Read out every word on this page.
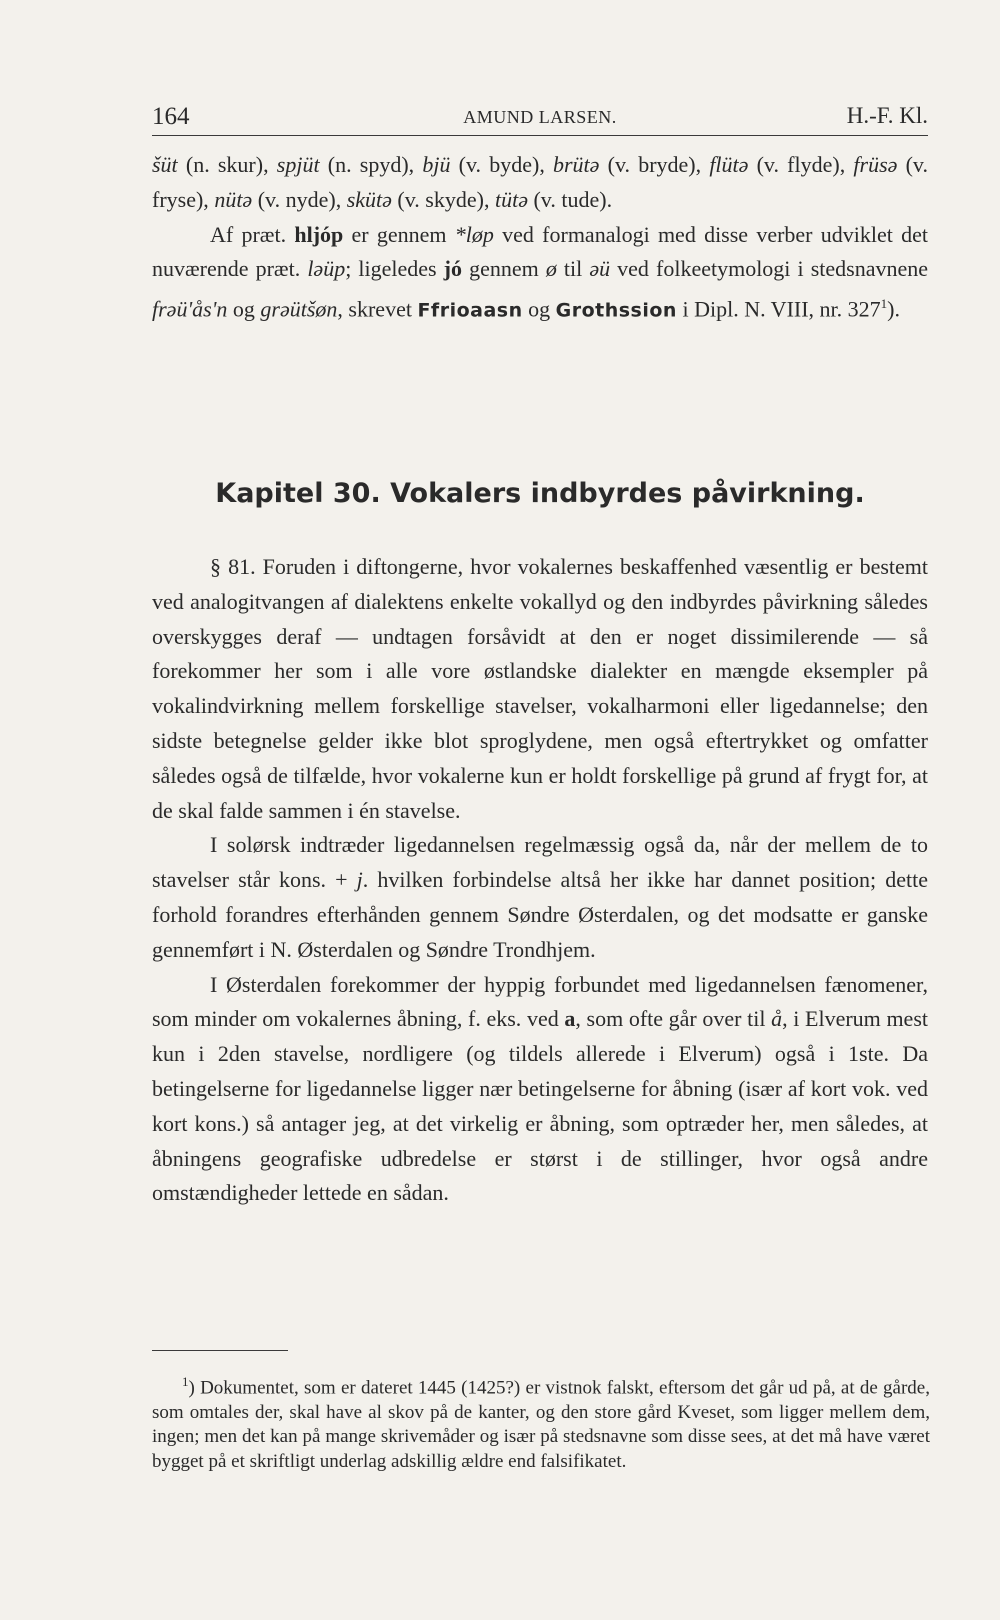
164	AMUND LARSEN.	H.-F. Kl.

šüt (n. skur), spjüt (n. spyd), bjü (v. byde), brütə (v. bryde), flütə (v. flyde), früsə (v. fryse), nütə (v. nyde), skütə (v. skyde), tütə (v. tude).

Af præt. hljóp er gennem *løp ved formanalogi med disse verber udviklet det nuværende præt. ləüp; ligeledes jó gennem ø til əü ved folkeetymologi i stedsnavnene frəü'ås'n og grəütšøn, skrevet Ffrioaasn og Grothssion i Dipl. N. VIII, nr. 327$^1$).

Kapitel 30. Vokalers indbyrdes påvirkning.

§ 81. Foruden i diftongerne, hvor vokalernes beskaffenhed væsentlig er bestemt ved analogitvangen af dialektens enkelte vokallyd og den indbyrdes påvirkning således overskygges deraf — undtagen forsåvidt at den er noget dissimilerende — så forekommer her som i alle vore østlandske dialekter en mængde eksempler på vokalindvirkning mellem forskellige stavelser, vokalharmoni eller ligedannelse; den sidste betegnelse gelder ikke blot sproglydene, men også eftertrykket og omfatter således også de tilfælde, hvor vokalerne kun er holdt forskellige på grund af frygt for, at de skal falde sammen i én stavelse.

I solørsk indtræder ligedannelsen regelmæssig også da, når der mellem de to stavelser står kons. + j. hvilken forbindelse altså her ikke har dannet position; dette forhold forandres efterhånden gennem Søndre Østerdalen, og det modsatte er ganske gennemført i N. Østerdalen og Søndre Trondhjem.

I Østerdalen forekommer der hyppig forbundet med ligedannelsen fænomener, som minder om vokalernes åbning, f. eks. ved a, som ofte går over til å, i Elverum mest kun i 2den stavelse, nordligere (og tildels allerede i Elverum) også i 1ste. Da betingelserne for ligedannelse ligger nær betingelserne for åbning (især af kort vok. ved kort kons.) så antager jeg, at det virkelig er åbning, som optræder her, men således, at åbningens geografiske udbredelse er størst i de stillinger, hvor også andre omstændigheder lettede en sådan.

$^1$) Dokumentet, som er dateret 1445 (1425?) er vistnok falskt, eftersom det går ud på, at de gårde, som omtales der, skal have al skov på de kanter, og den store gård Kveset, som ligger mellem dem, ingen; men det kan på mange skrivemåder og især på stedsnavne som disse sees, at det må have været bygget på et skriftligt underlag adskillig ældre end falsifikatet.
